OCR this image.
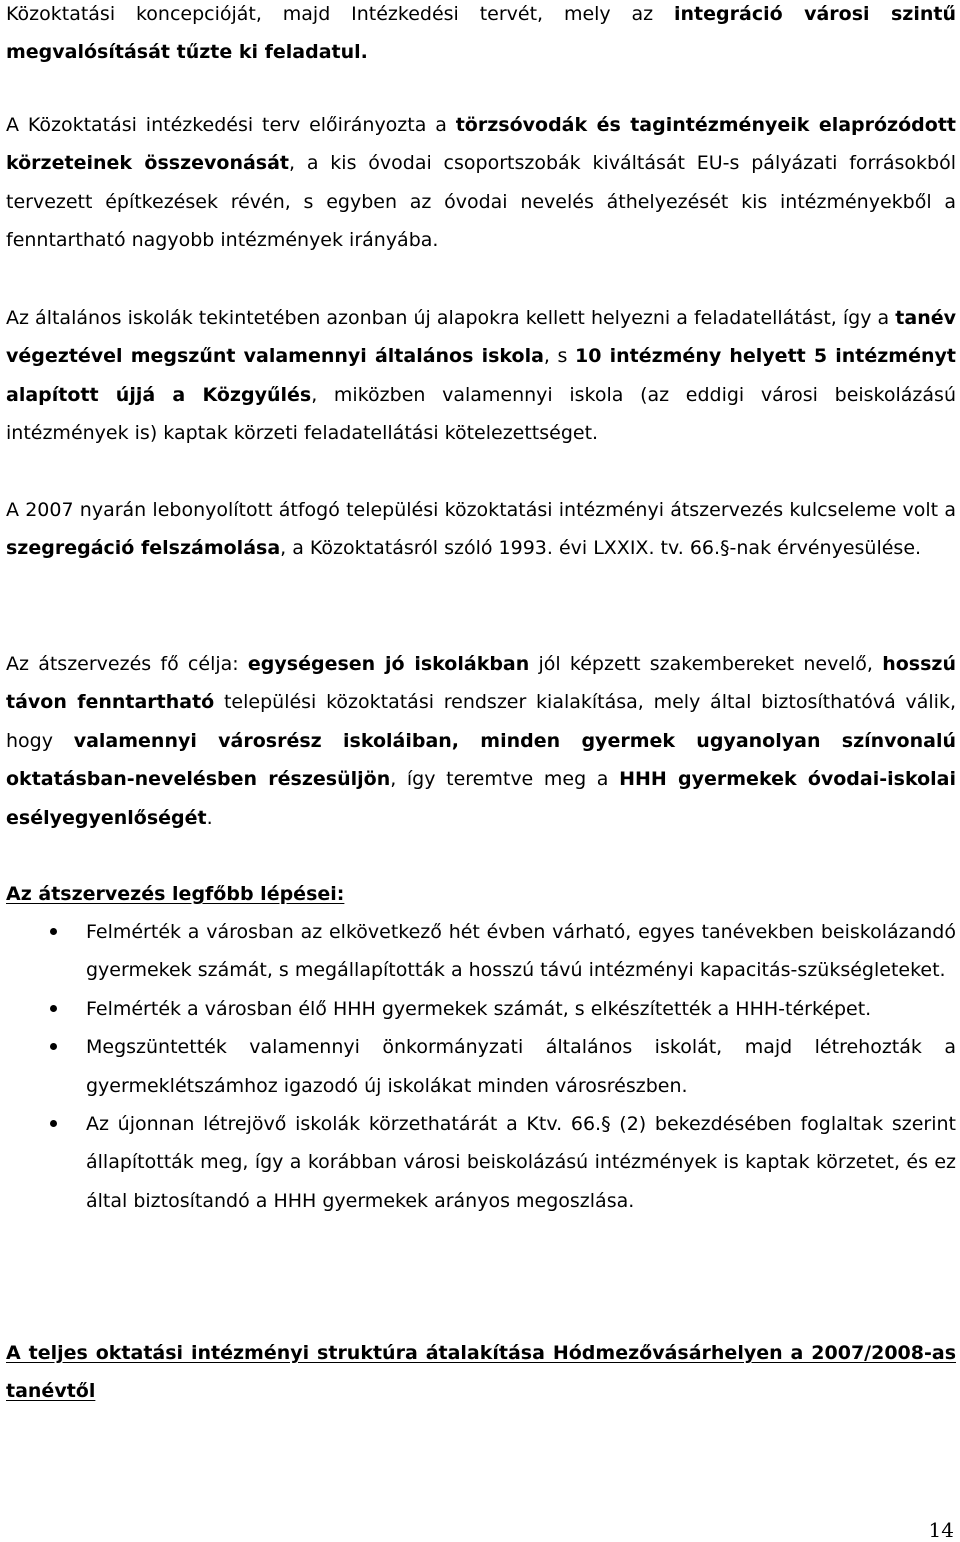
Közoktatási koncepcióját, majd Intézkedési tervét, mely az integráció városi szintű megvalósítását tűzte ki feladatul.

A Közoktatási intézkedési terv előirányozta a törzsóvodák és tagintézményeik elaprózódott körzeteinek összevonását, a kis óvodai csoportszobák kiváltását EU-s pályázati forrásokból tervezett építkezések révén, s egyben az óvodai nevelés áthelyezését kis intézményekből a fenntartható nagyobb intézmények irányába.

Az általános iskolák tekintetében azonban új alapokra kellett helyezni a feladatellátást, így a tanév végeztével megszűnt valamennyi általános iskola, s 10 intézmény helyett 5 intézményt alapított újjá a Közgyűlés, miközben valamennyi iskola (az eddigi városi beiskolázású intézmények is) kaptak körzeti feladatellátási kötelezettséget.

A 2007 nyarán lebonyolított átfogó települési közoktatási intézményi átszervezés kulcseleme volt a szegregáció felszámolása, a Közoktatásról szóló 1993. évi LXXIX. tv. 66.§-nak érvényesülése.

Az átszervezés fő célja: egységesen jó iskolákban jól képzett szakembereket nevelő, hosszú távon fenntartható települési közoktatási rendszer kialakítása, mely által biztosíthatóvá válik, hogy valamennyi városrész iskoláiban, minden gyermek ugyanolyan színvonalú oktatásban-nevelésben részesüljön, így teremtve meg a HHH gyermekek óvodai-iskolai esélyegyenlőségét.

Az átszervezés legfőbb lépései:

Felmérték a városban az elkövetkező hét évben várható, egyes tanévekben beiskolázandó gyermekek számát, s megállapították a hosszú távú intézményi kapacitás-szükségleteket.
Felmérték a városban élő HHH gyermekek számát, s elkészítették a HHH-térképet.
Megszüntették valamennyi önkormányzati általános iskolát, majd létrehozták a gyermeklétszámhoz igazodó új iskolákat minden városrészben.
Az újonnan létrejövő iskolák körzethatárát a Ktv. 66.§ (2) bekezdésében foglaltak szerint állapították meg, így a korábban városi beiskolázású intézmények is kaptak körzetet, és ez által biztosítandó a HHH gyermekek arányos megoszlása.

A teljes oktatási intézményi struktúra átalakítása Hódmezővásárhelyen a 2007/2008-as tanévtől

14
